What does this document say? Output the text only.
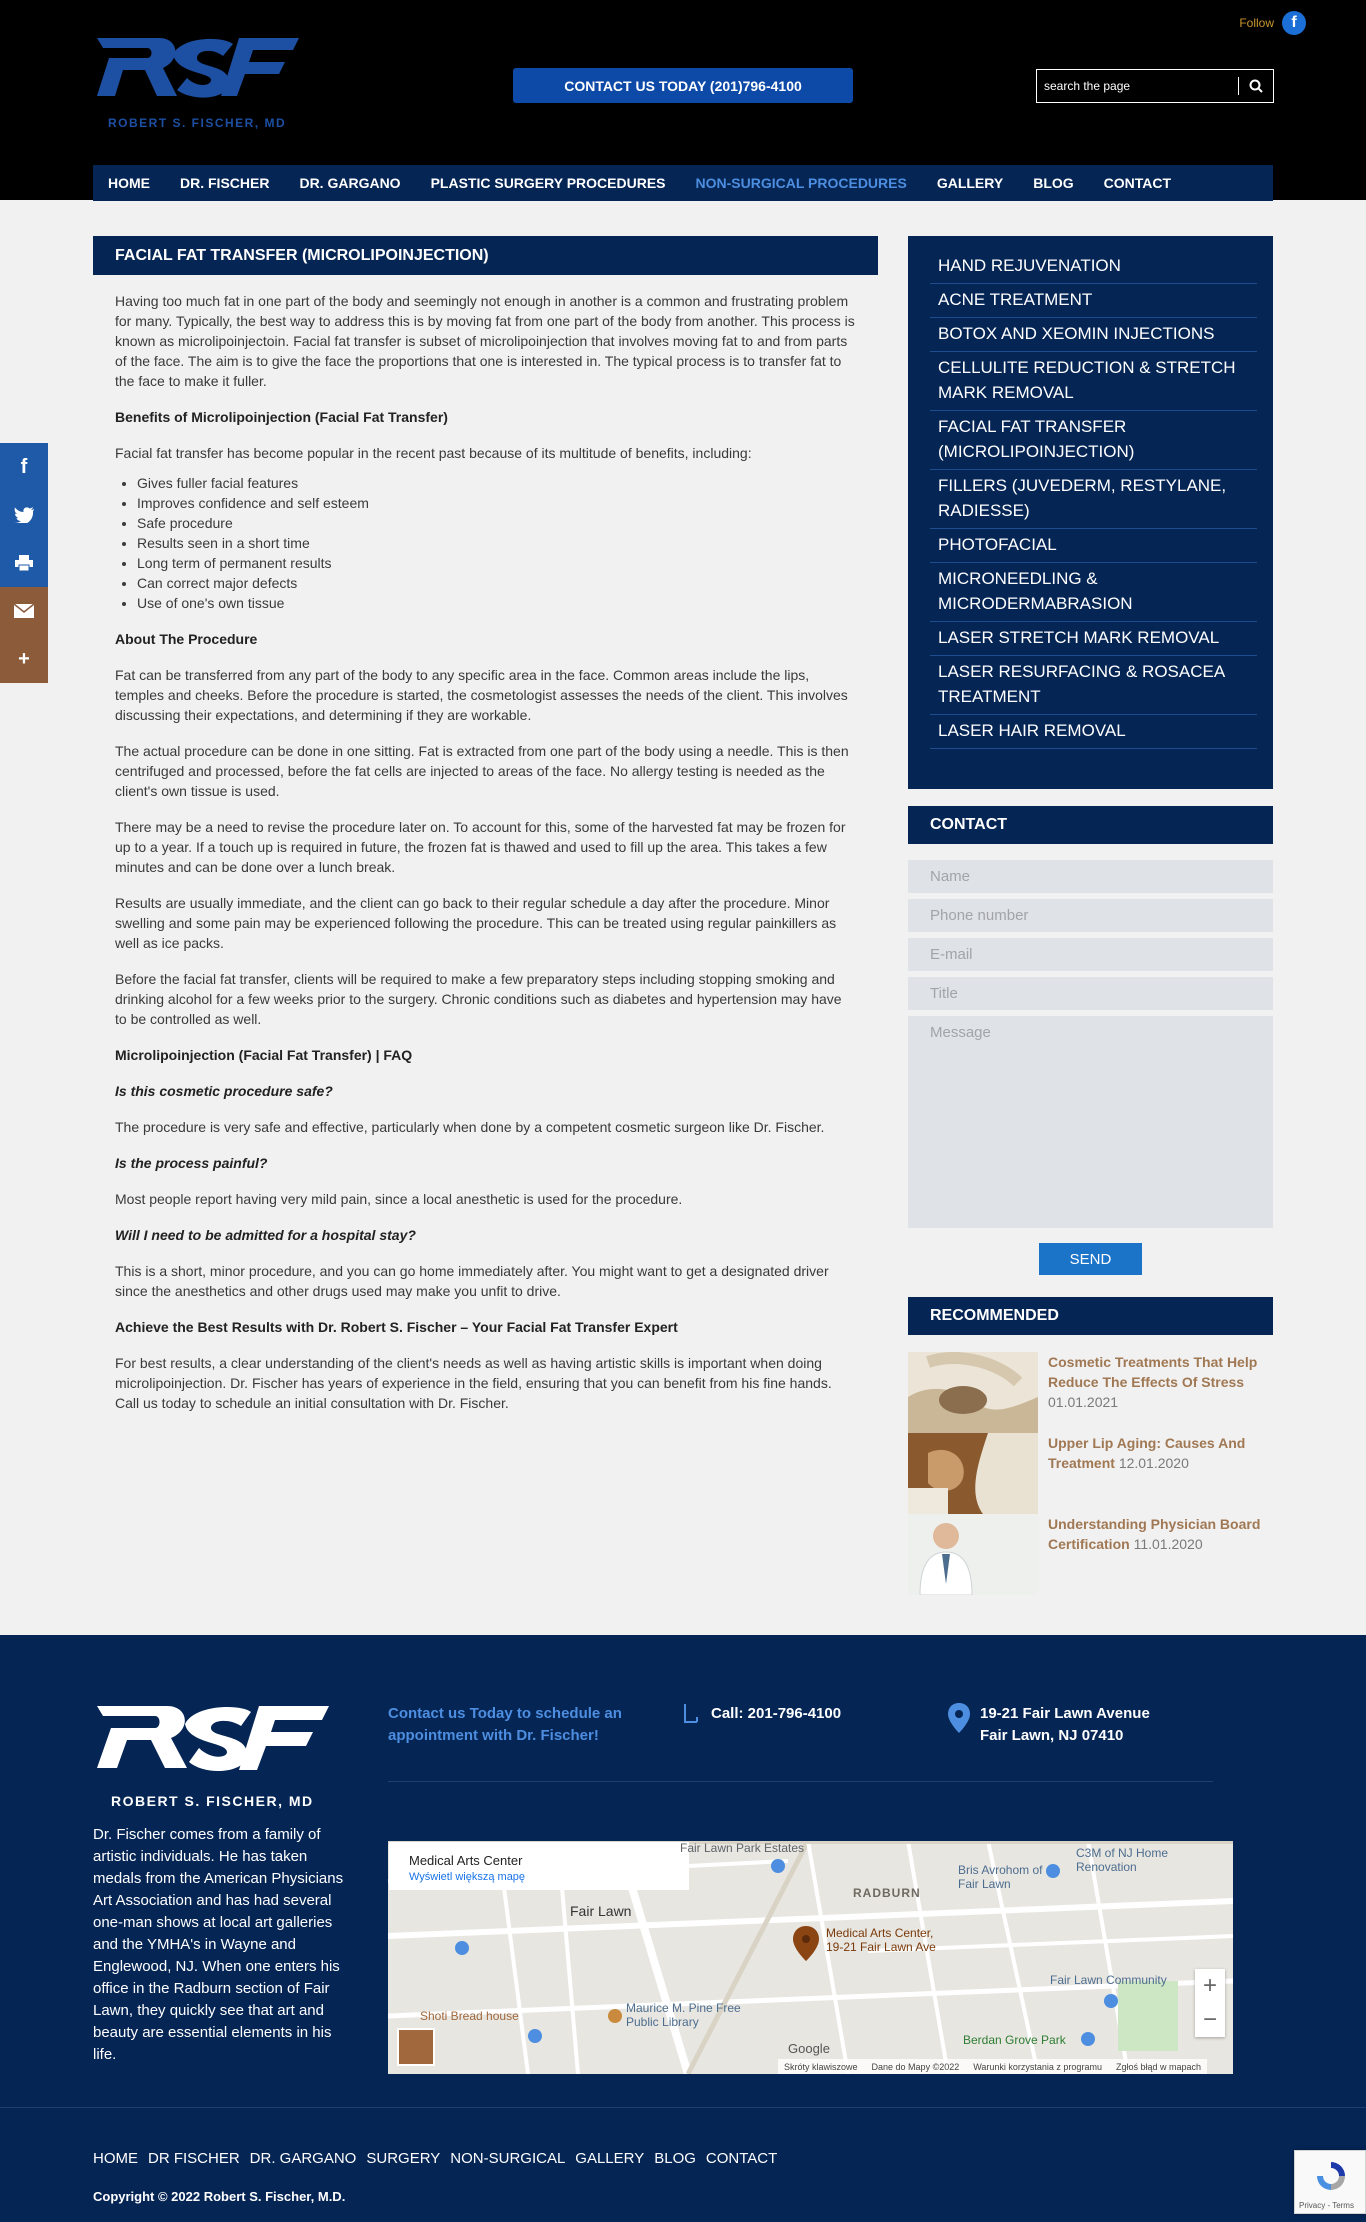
ROBERT S. FISCHER, MD
Follow	f
CONTACT US TODAY (201)796-4100
search the page
HOME DR. FISCHER DR. GARGANO PLASTIC SURGERY PROCEDURES NON-SURGICAL PROCEDURES GALLERY BLOG CONTACT
f
+
FACIAL FAT TRANSFER (MICROLIPOINJECTION)

Having too much fat in one part of the body and seemingly not enough in another is a common and frustrating problem for many. Typically, the best way to address this is by moving fat from one part of the body from another. This process is known as microlipoinjectoin. Facial fat transfer is subset of microlipoinjection that involves moving fat to and from parts of the face. The aim is to give the face the proportions that one is interested in. The typical process is to transfer fat to the face to make it fuller.

Benefits of Microlipoinjection (Facial Fat Transfer)

Facial fat transfer has become popular in the recent past because of its multitude of benefits, including:

• Gives fuller facial features
• Improves confidence and self esteem
• Safe procedure
• Results seen in a short time
• Long term of permanent results
• Can correct major defects
• Use of one's own tissue
About The Procedure

Fat can be transferred from any part of the body to any specific area in the face. Common areas include the lips, temples and cheeks. Before the procedure is started, the cosmetologist assesses the needs of the client. This involves discussing their expectations, and determining if they are workable.

The actual procedure can be done in one sitting. Fat is extracted from one part of the body using a needle. This is then centrifuged and processed, before the fat cells are injected to areas of the face. No allergy testing is needed as the client's own tissue is used.

There may be a need to revise the procedure later on. To account for this, some of the harvested fat may be frozen for up to a year. If a touch up is required in future, the frozen fat is thawed and used to fill up the area. This takes a few minutes and can be done over a lunch break.

Results are usually immediate, and the client can go back to their regular schedule a day after the procedure. Minor swelling and some pain may be experienced following the procedure. This can be treated using regular painkillers as well as ice packs.

Before the facial fat transfer, clients will be required to make a few preparatory steps including stopping smoking and drinking alcohol for a few weeks prior to the surgery. Chronic conditions such as diabetes and hypertension may have to be controlled as well.

Microlipoinjection (Facial Fat Transfer) | FAQ
Is this cosmetic procedure safe?

The procedure is very safe and effective, particularly when done by a competent cosmetic surgeon like Dr. Fischer.

Is the process painful?

Most people report having very mild pain, since a local anesthetic is used for the procedure.

Will I need to be admitted for a hospital stay?

This is a short, minor procedure, and you can go home immediately after. You might want to get a designated driver since the anesthetics and other drugs used may make you unfit to drive.

Achieve the Best Results with Dr. Robert S. Fischer – Your Facial Fat Transfer Expert

For best results, a clear understanding of the client's needs as well as having artistic skills is important when doing microlipoinjection. Dr. Fischer has years of experience in the field, ensuring that you can benefit from his fine hands. Call us today to schedule an initial consultation with Dr. Fischer.

HAND REJUVENATION
ACNE TREATMENT
BOTOX AND XEOMIN INJECTIONS
CELLULITE REDUCTION & STRETCH MARK REMOVAL
FACIAL FAT TRANSFER (MICROLIPOINJECTION)
FILLERS (JUVEDERM, RESTYLANE, RADIESSE)
PHOTOFACIAL
MICRONEEDLING & MICRODERMABRASION
LASER STRETCH MARK REMOVAL
LASER RESURFACING & ROSACEA TREATMENT
LASER HAIR REMOVAL
CONTACT
Name
Phone number
E-mail
Title
Message
SEND
RECOMMENDED
Cosmetic Treatments That Help Reduce The Effects Of Stress 01.01.2021
Upper Lip Aging: Causes And Treatment 12.01.2020
Understanding Physician Board Certification 11.01.2020
ROBERT S. FISCHER, MD

Dr. Fischer comes from a family of artistic individuals. He has taken medals from the American Physicians Art Association and has had several one-man shows at local art galleries and the YMHA's in Wayne and Englewood, NJ. When one enters his office in the Radburn section of Fair Lawn, they quickly see that art and beauty are essential elements in his life.

Contact us Today to schedule an appointment with Dr. Fischer!
Call: 201-796-4100	19-21 Fair Lawn Avenue
Fair Lawn, NJ 07410
Medical Arts Center
Wyświetl większą mapę
Fair Lawn
RADBURN
Medical Arts Center, 19-21 Fair Lawn Ave
Fair Lawn Park Estates
Bris Avrohom of Fair Lawn
C3M of NJ Home Renovation
Maurice M. Pine Free Public Library
Shoti Bread house
Fair Lawn Community
Berdan Grove Park
Google
+
−
Skróty klawiszowe Dane do Mapy ©2022 Warunki korzystania z programu Zgłoś błąd w mapach
HOME DR FISCHER DR. GARGANO SURGERY NON-SURGICAL GALLERY BLOG CONTACT
Copyright © 2022 Robert S. Fischer, M.D.
Privacy - Terms
